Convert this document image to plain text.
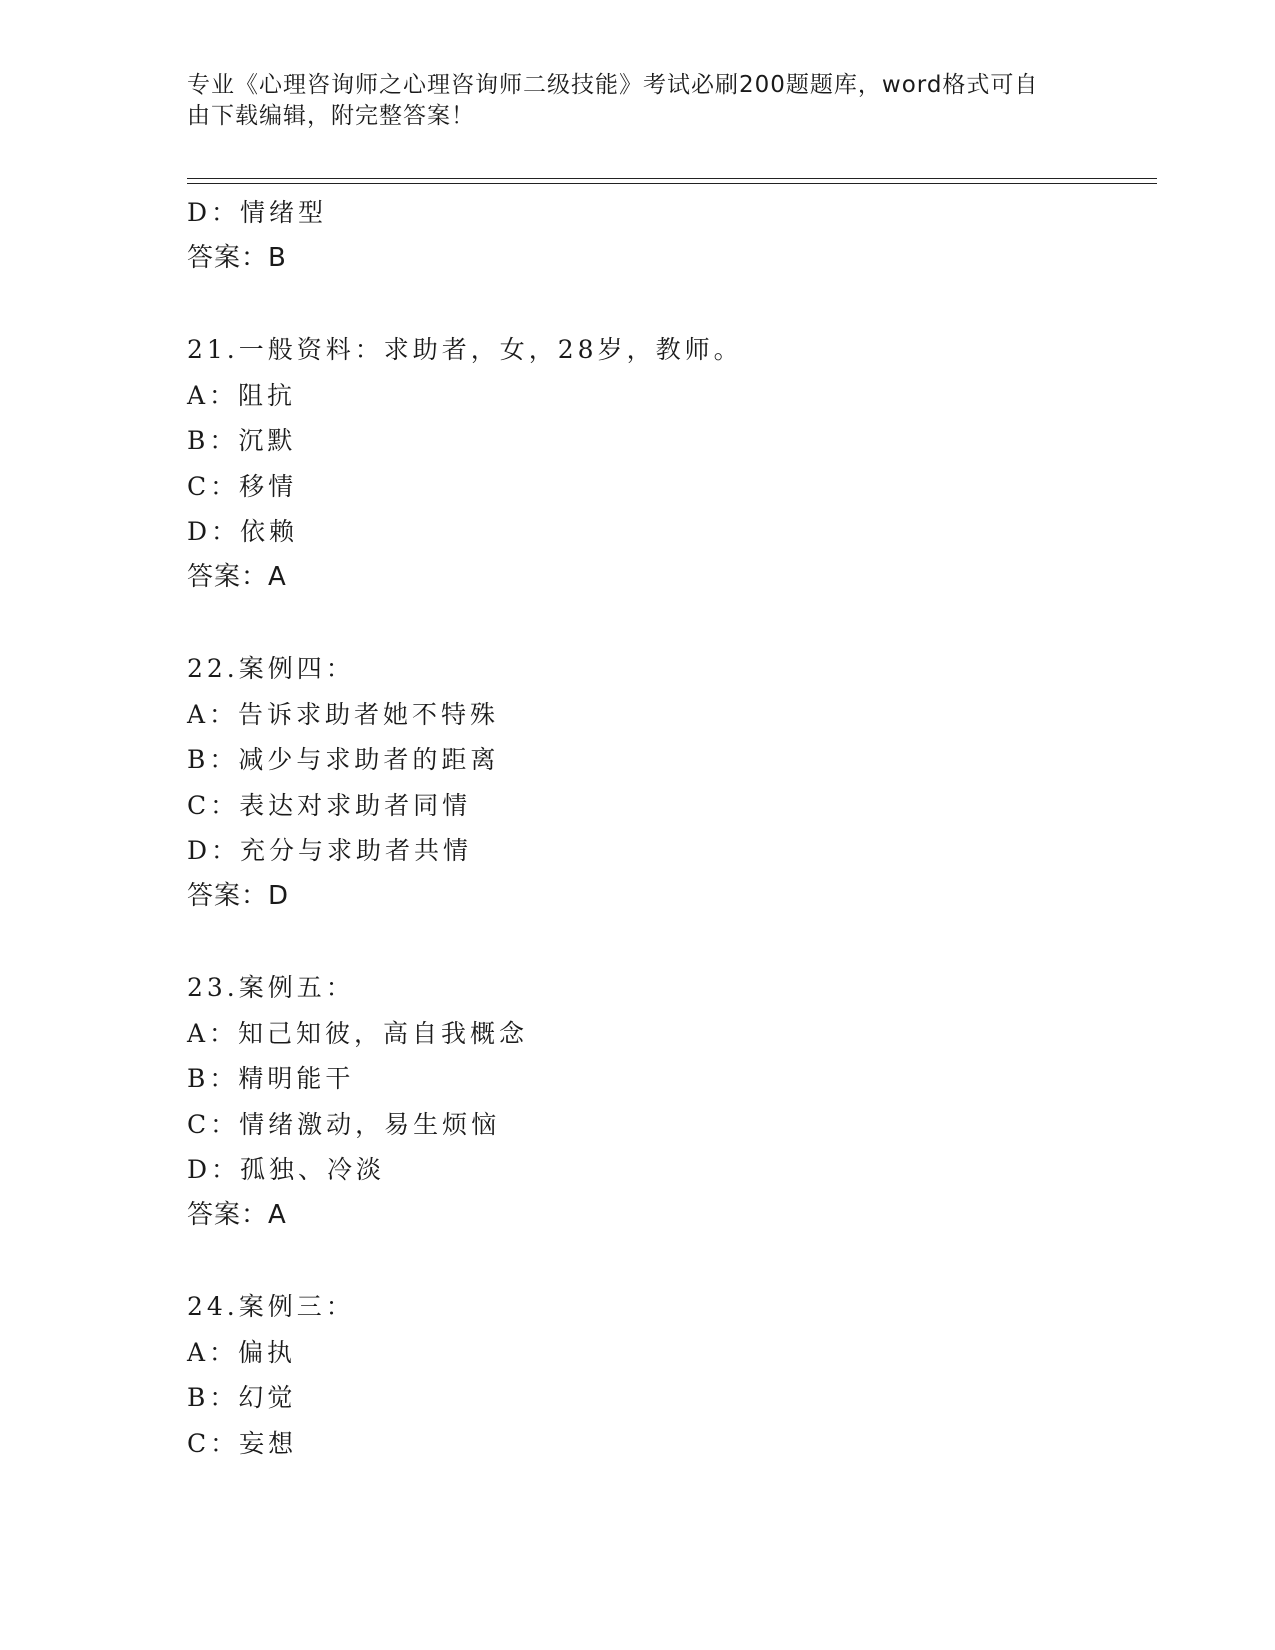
专业《心理咨询师之心理咨询师二级技能》考试必刷200题题库，word格式可自
由下载编辑，附完整答案！
D：情绪型
答案：B
21.一般资料：求助者，女，28岁，教师。
A：阻抗
B：沉默
C：移情
D：依赖
答案：A
22.案例四：
A：告诉求助者她不特殊
B：减少与求助者的距离
C：表达对求助者同情
D：充分与求助者共情
答案：D
23.案例五：
A：知己知彼，高自我概念
B：精明能干
C：情绪激动，易生烦恼
D：孤独、冷淡
答案：A
24.案例三：
A：偏执
B：幻觉
C：妄想
